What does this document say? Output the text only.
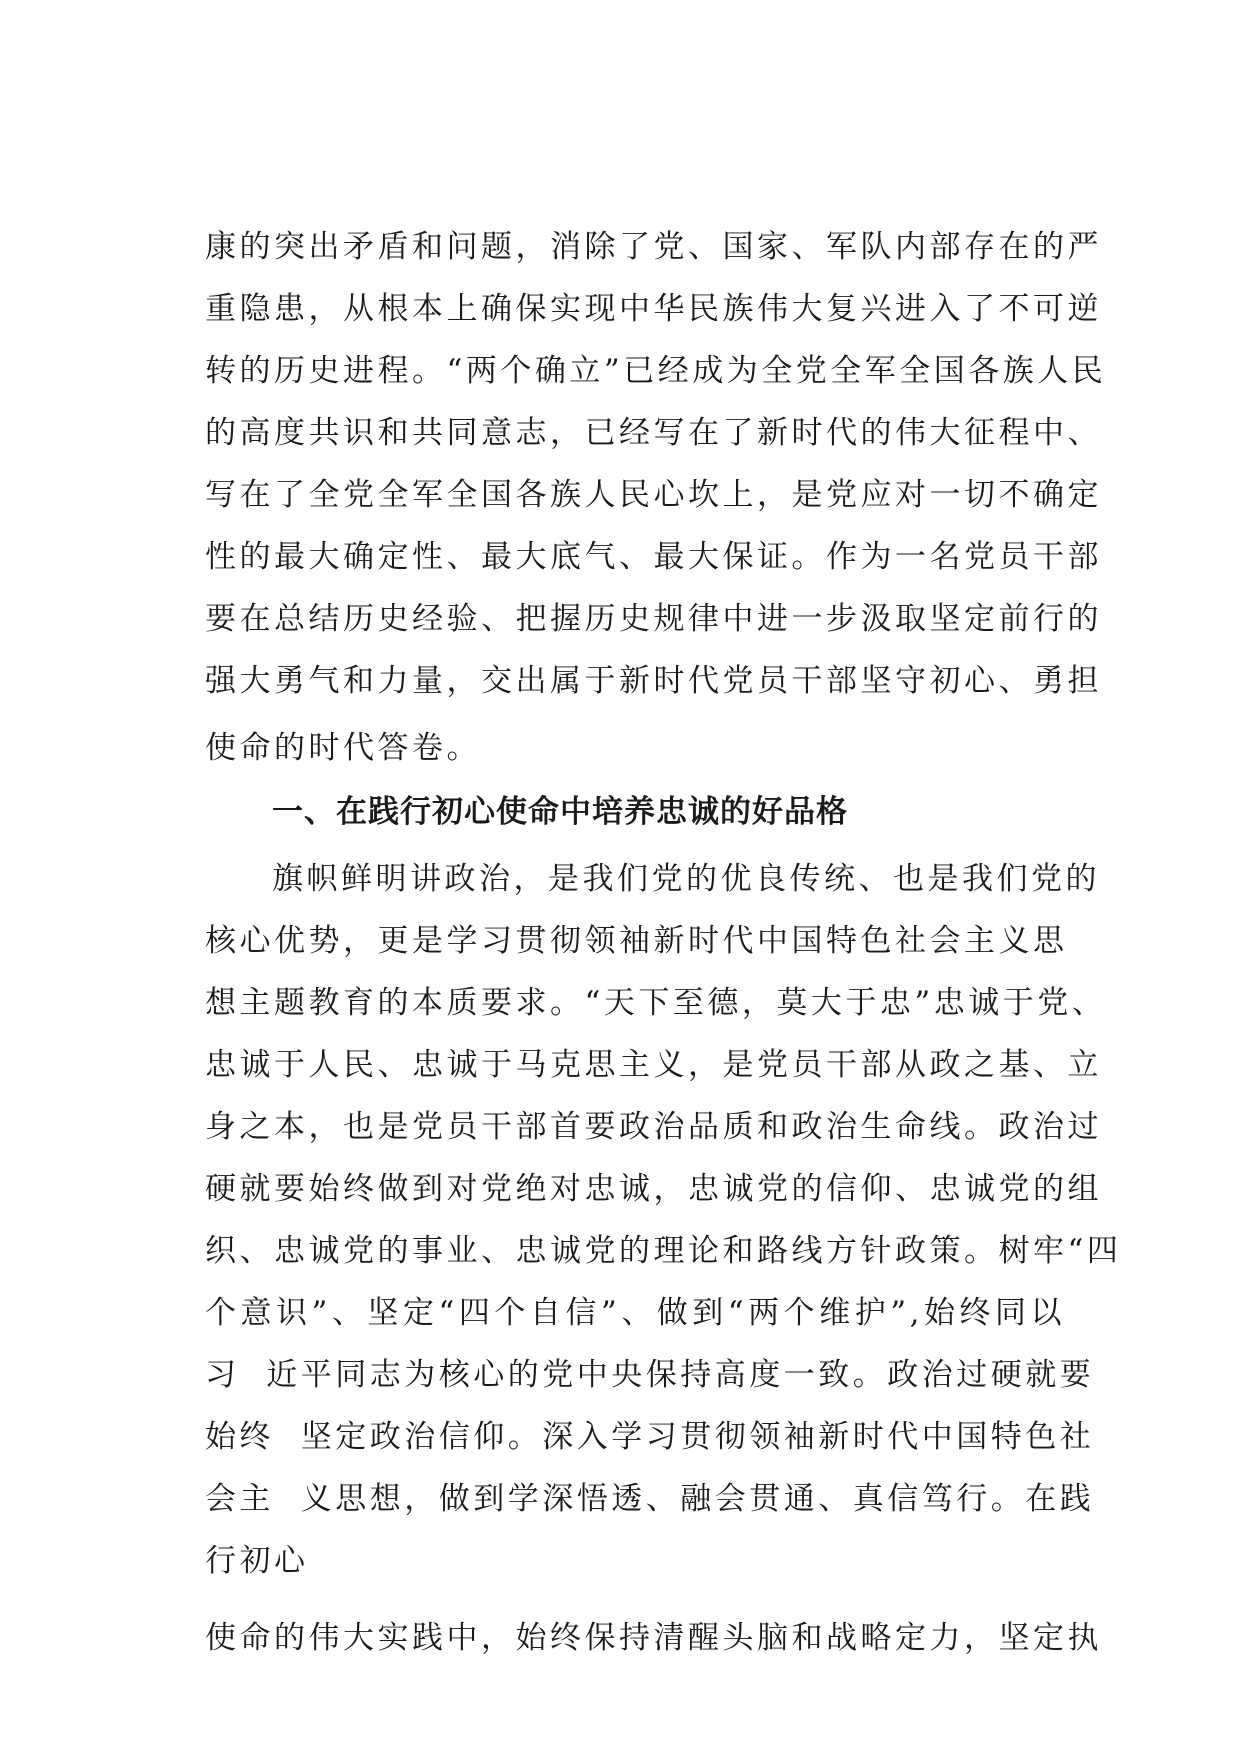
康的突出矛盾和问题，消除了党、国家、军队内部存在的严
重隐患，从根本上确保实现中华民族伟大复兴进入了不可逆
转的历史进程。“两个确立”已经成为全党全军全国各族人民
的高度共识和共同意志，已经写在了新时代的伟大征程中、
写在了全党全军全国各族人民心坎上，是党应对一切不确定
性的最大确定性、最大底气、最大保证。作为一名党员干部
要在总结历史经验、把握历史规律中进一步汲取坚定前行的
强大勇气和力量，交出属于新时代党员干部坚守初心、勇担
使命的时代答卷。
一、在践行初心使命中培养忠诚的好品格
旗帜鲜明讲政治，是我们党的优良传统、也是我们党的
核心优势，更是学习贯彻领袖新时代中国特色社会主义思
想主题教育的本质要求。“天下至德，莫大于忠”忠诚于党、
忠诚于人民、忠诚于马克思主义，是党员干部从政之基、立
身之本，也是党员干部首要政治品质和政治生命线。政治过
硬就要始终做到对党绝对忠诚，忠诚党的信仰、忠诚党的组
织、忠诚党的事业、忠诚党的理论和路线方针政策。树牢“四
个意识”、坚定“四个自信”、做到“两个维护”,始终同以
习  近平同志为核心的党中央保持高度一致。政治过硬就要
始终  坚定政治信仰。深入学习贯彻领袖新时代中国特色社
会主  义思想，做到学深悟透、融会贯通、真信笃行。在践
行初心
使命的伟大实践中，始终保持清醒头脑和战略定力，坚定执
